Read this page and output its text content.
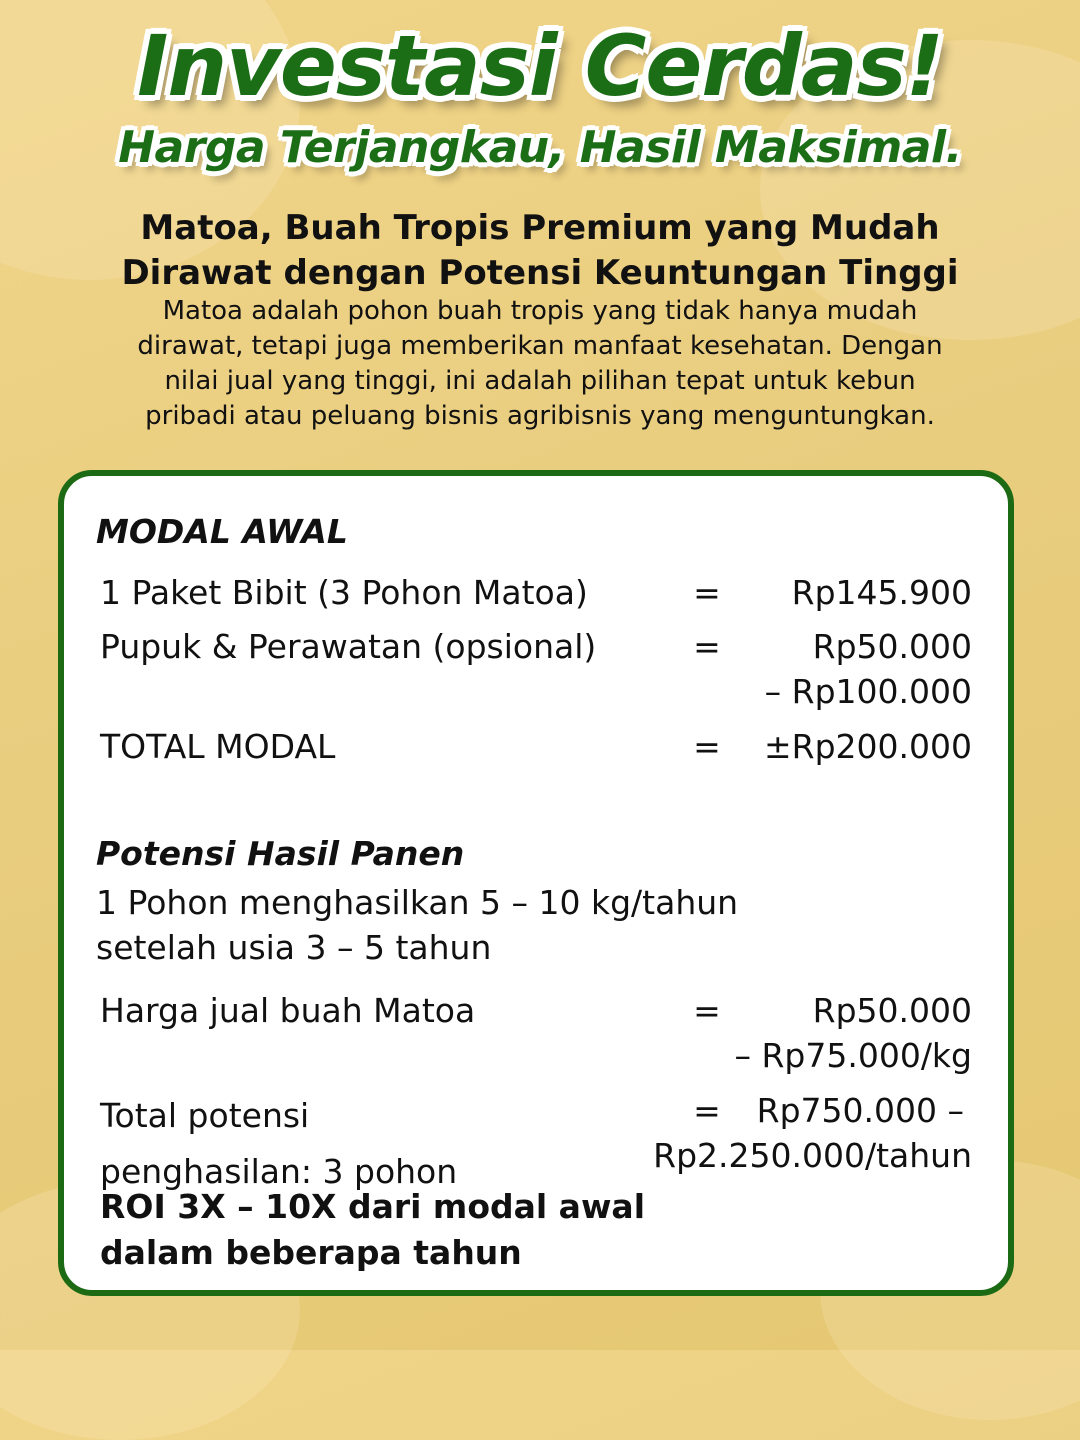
Investasi Cerdas!
Harga Terjangkau, Hasil Maksimal.
Matoa, Buah Tropis Premium yang Mudah
Dirawat dengan Potensi Keuntungan Tinggi
Matoa adalah pohon buah tropis yang tidak hanya mudah
dirawat, tetapi juga memberikan manfaat kesehatan. Dengan
nilai jual yang tinggi, ini adalah pilihan tepat untuk kebun
pribadi atau peluang bisnis agribisnis yang menguntungkan.
MODAL AWAL
1 Paket Bibit (3 Pohon Matoa)	= Rp145.900
Pupuk & Perawatan (opsional)	=	Rp50.000
– Rp100.000
TOTAL MODAL	= ±Rp200.000
Potensi Hasil Panen
1 Pohon menghasilkan 5 – 10 kg/tahun
setelah usia 3 – 5 tahun
Harga jual buah Matoa	=	Rp50.000
– Rp75.000/kg
Total potensi
penghasilan: 3 pohon
=	Rp750.000 –
Rp2.250.000/tahun
ROI 3X – 10X dari modal awal
dalam beberapa tahun
